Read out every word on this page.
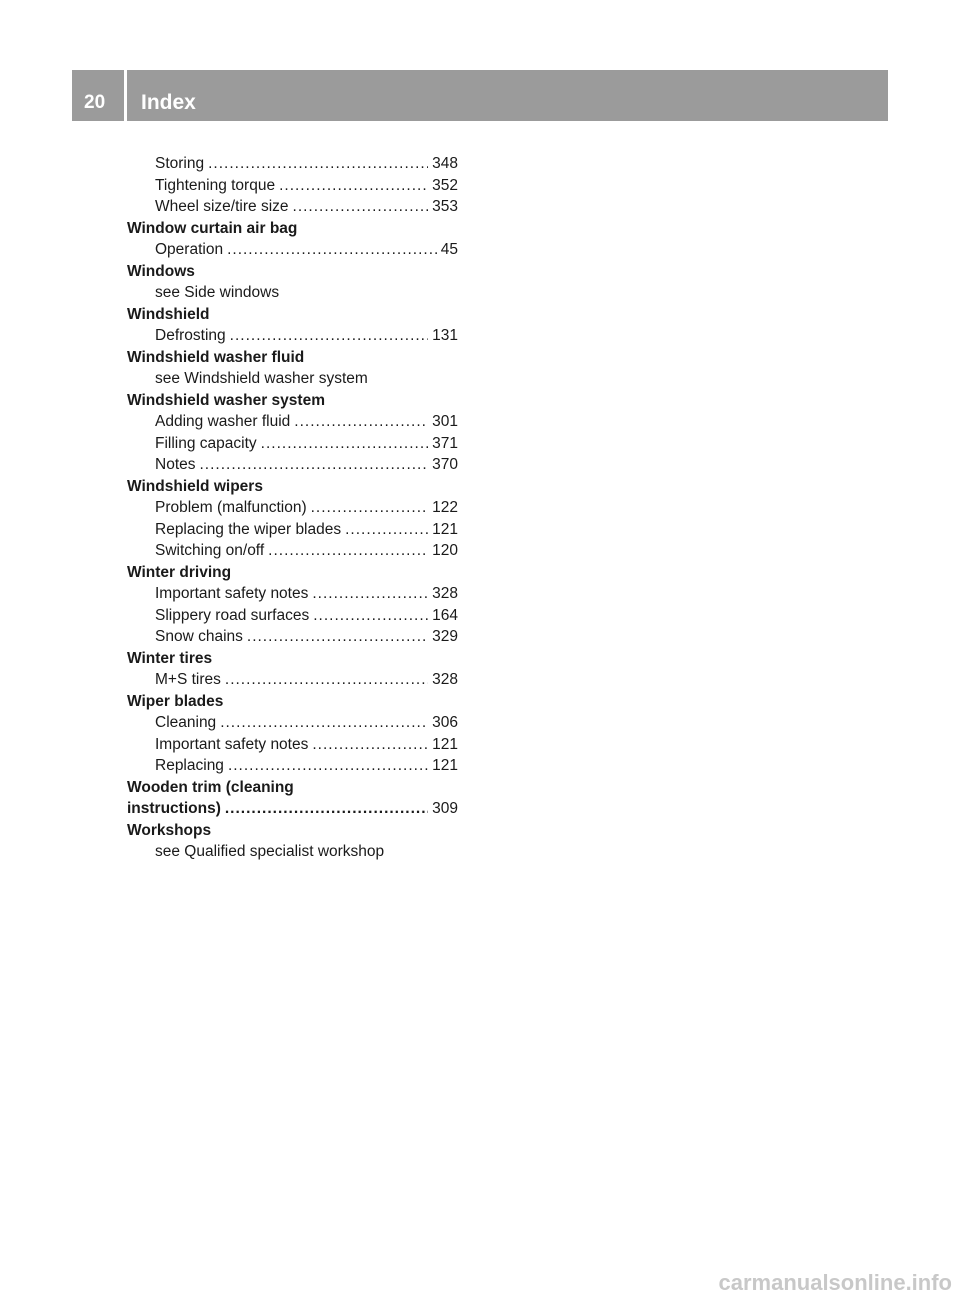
20 Index
Storing .....	348
Tightening torque .....	352
Wheel size/tire size .....	353
Window curtain air bag
Operation .....	45
Windows
see Side windows
Windshield
Defrosting .....	131
Windshield washer fluid
see Windshield washer system
Windshield washer system
Adding washer fluid .....	301
Filling capacity .....	371
Notes .....	370
Windshield wipers
Problem (malfunction) .....	122
Replacing the wiper blades .....	121
Switching on/off .....	120
Winter driving
Important safety notes .....	328
Slippery road surfaces .....	164
Snow chains .....	329
Winter tires
M+S tires .....	328
Wiper blades
Cleaning .....	306
Important safety notes .....	121
Replacing .....	121
Wooden trim (cleaning
instructions) .....	309
Workshops
see Qualified specialist workshop
carmanualsonline.info
